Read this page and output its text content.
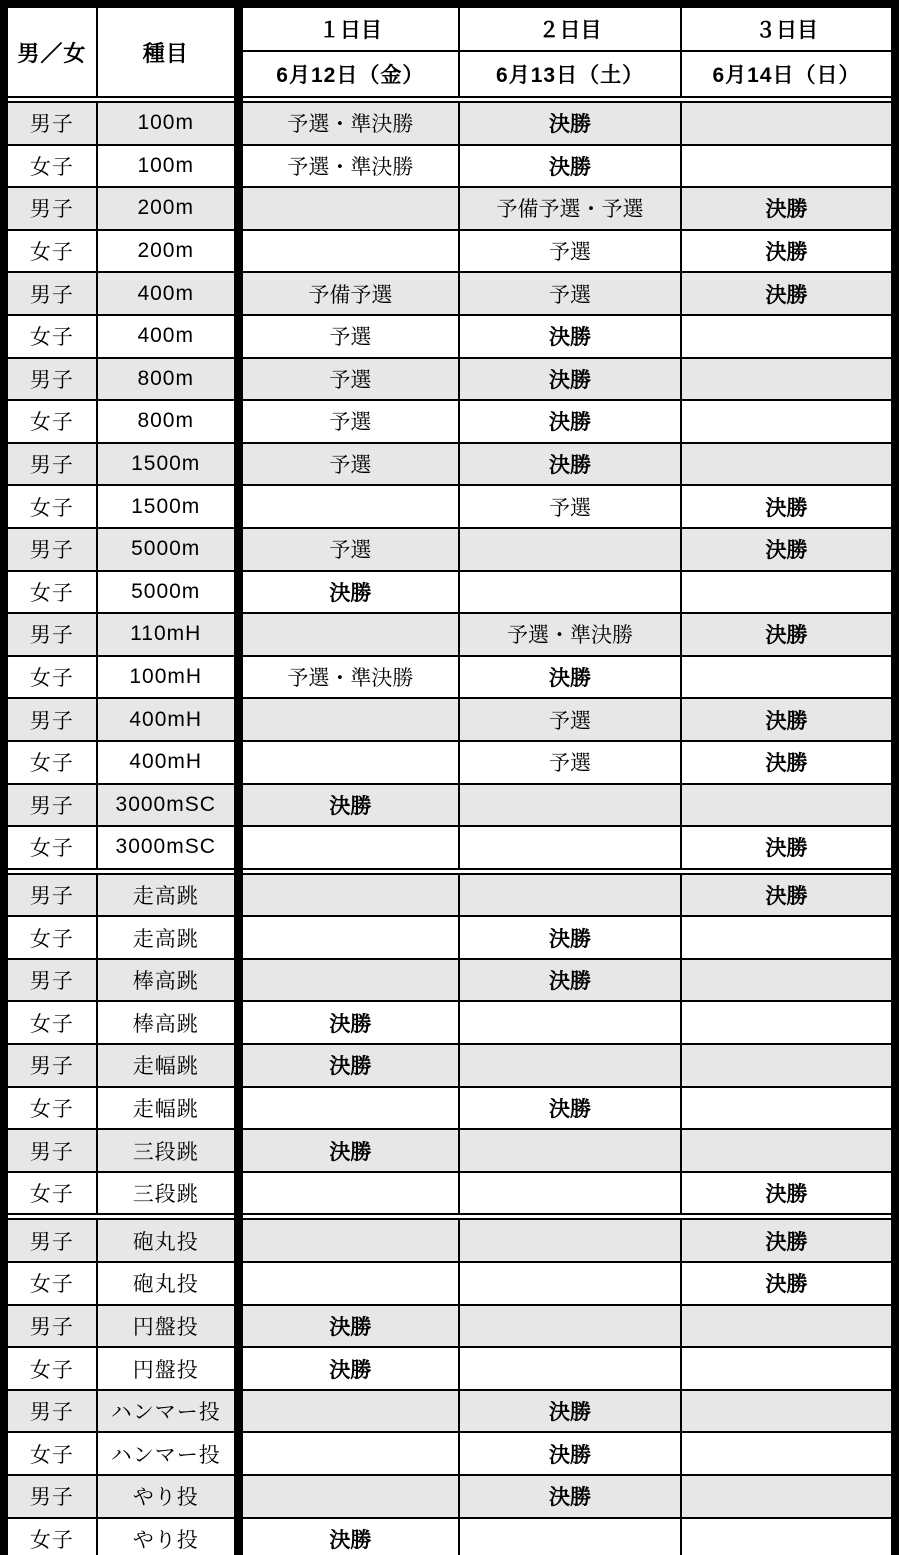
男／女	種目	１日目	２日目	３日目
		6月12日（金）	6月13日（土）	6月14日（日）
男子	100m	予選・準決勝	決勝	
女子	100m	予選・準決勝	決勝	
男子	200m		予備予選・予選	決勝
女子	200m		予選	決勝
男子	400m	予備予選	予選	決勝
女子	400m	予選	決勝	
男子	800m	予選	決勝	
女子	800m	予選	決勝	
男子	1500m	予選	決勝	
女子	1500m		予選	決勝
男子	5000m	予選		決勝
女子	5000m	決勝		
男子	110mH		予選・準決勝	決勝
女子	100mH	予選・準決勝	決勝	
男子	400mH		予選	決勝
女子	400mH		予選	決勝
男子	3000mSC	決勝		
女子	3000mSC			決勝
男子	走高跳			決勝
女子	走高跳		決勝	
男子	棒高跳		決勝	
女子	棒高跳	決勝		
男子	走幅跳	決勝		
女子	走幅跳		決勝	
男子	三段跳	決勝		
女子	三段跳			決勝
男子	砲丸投			決勝
女子	砲丸投			決勝
男子	円盤投	決勝		
女子	円盤投	決勝		
男子	ハンマー投		決勝	
女子	ハンマー投		決勝	
男子	やり投		決勝	
女子	やり投	決勝		
